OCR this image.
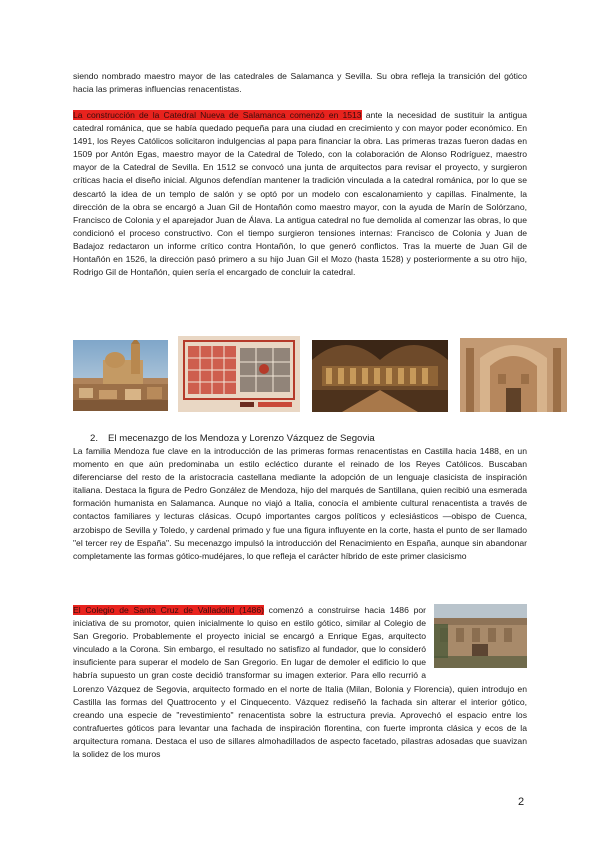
siendo nombrado maestro mayor de las catedrales de Salamanca y Sevilla. Su obra refleja la transición del gótico hacia las primeras influencias renacentistas.

La construcción de la Catedral Nueva de Salamanca comenzó en 1513 ante la necesidad de sustituir la antigua catedral románica, que se había quedado pequeña para una ciudad en crecimiento y con mayor poder económico. En 1491, los Reyes Católicos solicitaron indulgencias al papa para financiar la obra. Las primeras trazas fueron dadas en 1509 por Antón Egas, maestro mayor de la Catedral de Toledo, con la colaboración de Alonso Rodríguez, maestro mayor de la Catedral de Sevilla. En 1512 se convocó una junta de arquitectos para revisar el proyecto, y surgieron críticas hacia el diseño inicial. Algunos defendían mantener la tradición vinculada a la catedral románica, por lo que se descartó la idea de un templo de salón y se optó por un modelo con escalonamiento y capillas. Finalmente, la dirección de la obra se encargó a Juan Gil de Hontañón como maestro mayor, con la ayuda de Marín de Solórzano, Francisco de Colonia y el aparejador Juan de Álava. La antigua catedral no fue demolida al comenzar las obras, lo que condicionó el proceso constructivo. Con el tiempo surgieron tensiones internas: Francisco de Colonia y Juan de Badajoz redactaron un informe crítico contra Hontañón, lo que generó conflictos. Tras la muerte de Juan Gil de Hontañón en 1526, la dirección pasó primero a su hijo Juan Gil el Mozo (hasta 1528) y posteriormente a su otro hijo, Rodrigo Gil de Hontañón, quien sería el encargado de concluir la catedral.

2. El mecenazgo de los Mendoza y Lorenzo Vázquez de Segovia

La familia Mendoza fue clave en la introducción de las primeras formas renacentistas en Castilla hacia 1488, en un momento en que aún predominaba un estilo ecléctico durante el reinado de los Reyes Católicos. Buscaban diferenciarse del resto de la aristocracia castellana mediante la adopción de un lenguaje clasicista de inspiración italiana. Destaca la figura de Pedro González de Mendoza, hijo del marqués de Santillana, quien recibió una esmerada formación humanista en Salamanca. Aunque no viajó a Italia, conocía el ambiente cultural renacentista a través de contactos familiares y lecturas clásicas. Ocupó importantes cargos políticos y eclesiásticos —obispo de Cuenca, arzobispo de Sevilla y Toledo, y cardenal primado y fue una figura influyente en la corte, hasta el punto de ser llamado "el tercer rey de España". Su mecenazgo impulsó la introducción del Renacimiento en España, aunque sin abandonar completamente las formas gótico-mudéjares, lo que refleja el carácter híbrido de este primer clasicismo

El Colegio de Santa Cruz de Valladolid (1486) comenzó a construirse hacia 1486 por iniciativa de su promotor, quien inicialmente lo quiso en estilo gótico, similar al Colegio de San Gregorio. Probablemente el proyecto inicial se encargó a Enrique Egas, arquitecto vinculado a la Corona. Sin embargo, el resultado no satisfizo al fundador, que lo consideró insuficiente para superar el modelo de San Gregorio. En lugar de demoler el edificio lo que habría supuesto un gran coste decidió transformar su imagen exterior. Para ello recurrió a Lorenzo Vázquez de Segovia, arquitecto formado en el norte de Italia (Milan, Bolonia y Florencia), quien introdujo en Castilla las formas del Quattrocento y el Cinquecento. Vázquez rediseñó la fachada sin alterar el interior gótico, creando una especie de "revestimiento" renacentista sobre la estructura previa. Aprovechó el espacio entre los contrafuertes góticos para levantar una fachada de inspiración florentina, con fuerte impronta clásica y ecos de la arquitectura romana. Destaca el uso de sillares almohadillados de aspecto facetado, pilastras adosadas que suavizan la solidez de los muros

2
